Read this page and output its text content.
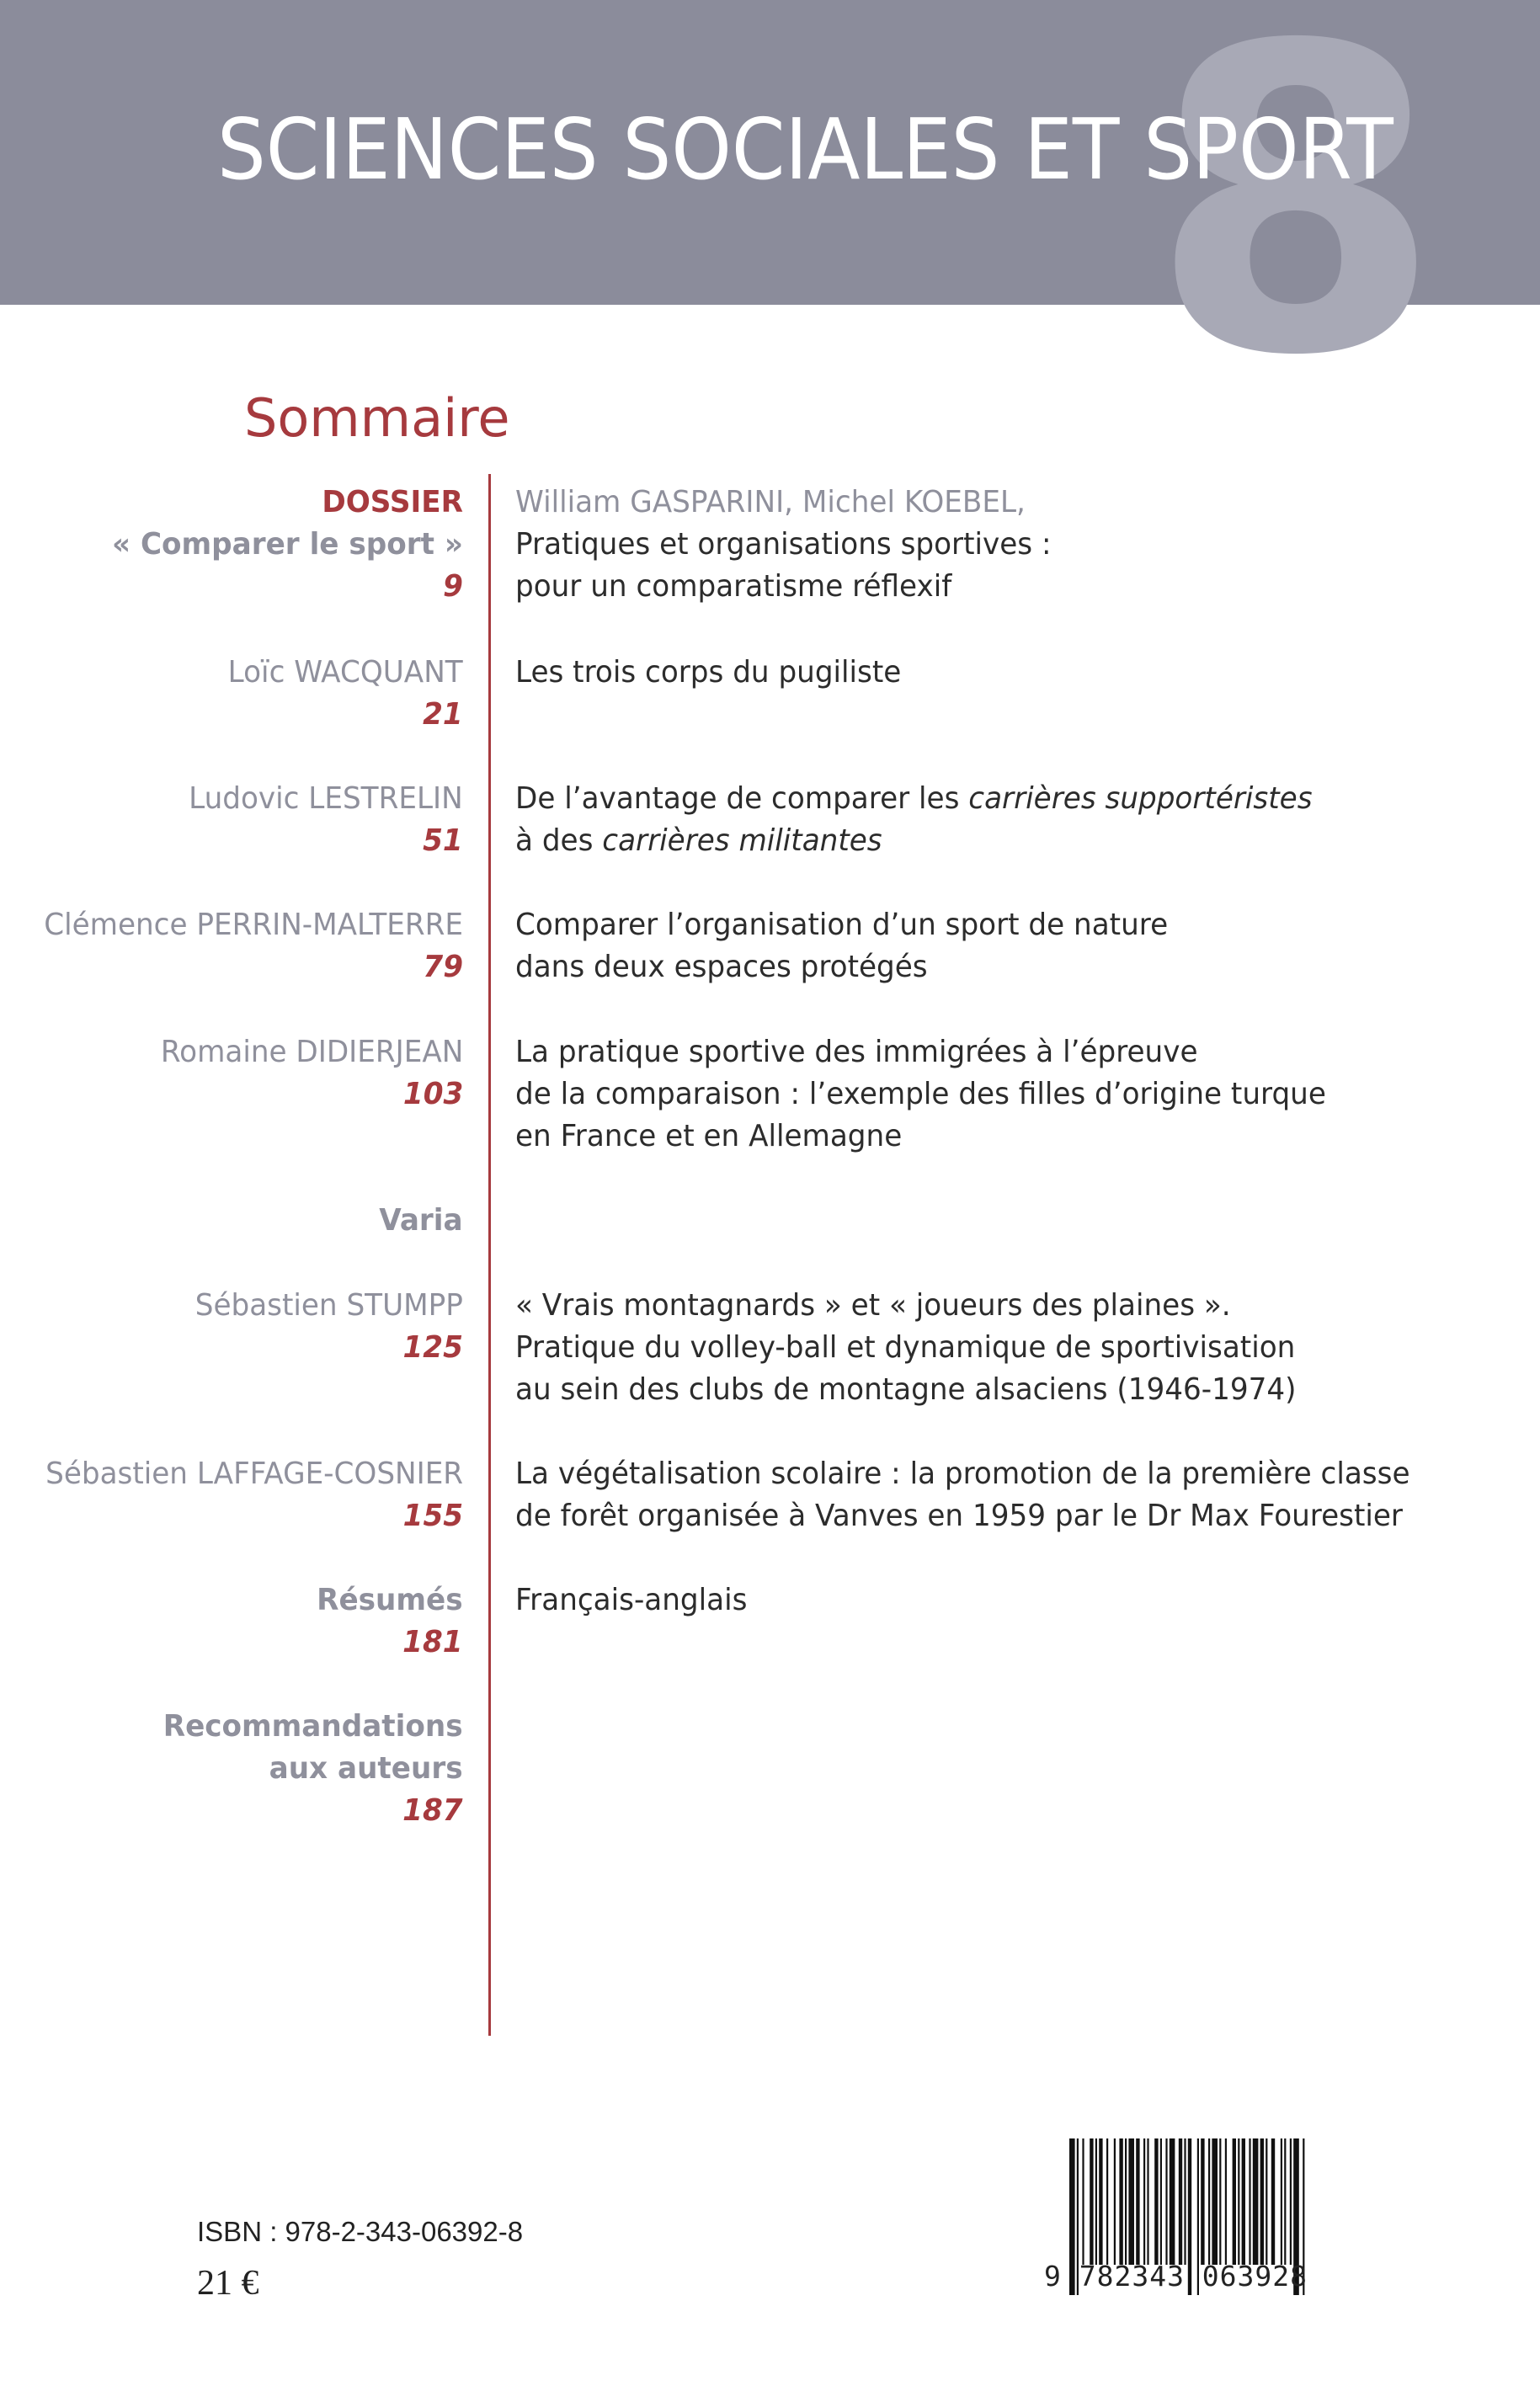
8
SCIENCES SOCIALES ET SPORT
Sommaire
DOSSIER
« Comparer le sport »
9
William GASPARINI, Michel KOEBEL,
Pratiques et organisations sportives :
pour un comparatisme réflexif
Loïc WACQUANT
21
Les trois corps du pugiliste
Ludovic LESTRELIN
51
De l’avantage de comparer les carrières supportéristes
à des carrières militantes
Clémence PERRIN-MALTERRE
79
Comparer l’organisation d’un sport de nature
dans deux espaces protégés
Romaine DIDIERJEAN
103
La pratique sportive des immigrées à l’épreuve
de la comparaison : l’exemple des filles d’origine turque
en France et en Allemagne
Varia
Sébastien STUMPP
125
« Vrais montagnards » et « joueurs des plaines ».
Pratique du volley-ball et dynamique de sportivisation
au sein des clubs de montagne alsaciens (1946-1974)
Sébastien LAFFAGE-COSNIER
155
La végétalisation scolaire : la promotion de la première classe
de forêt organisée à Vanves en 1959 par le Dr Max Fourestier
Résumés
181
Français-anglais
Recommandations
aux auteurs
187
ISBN : 978-2-343-06392-8
21 €	9 782343 063928
